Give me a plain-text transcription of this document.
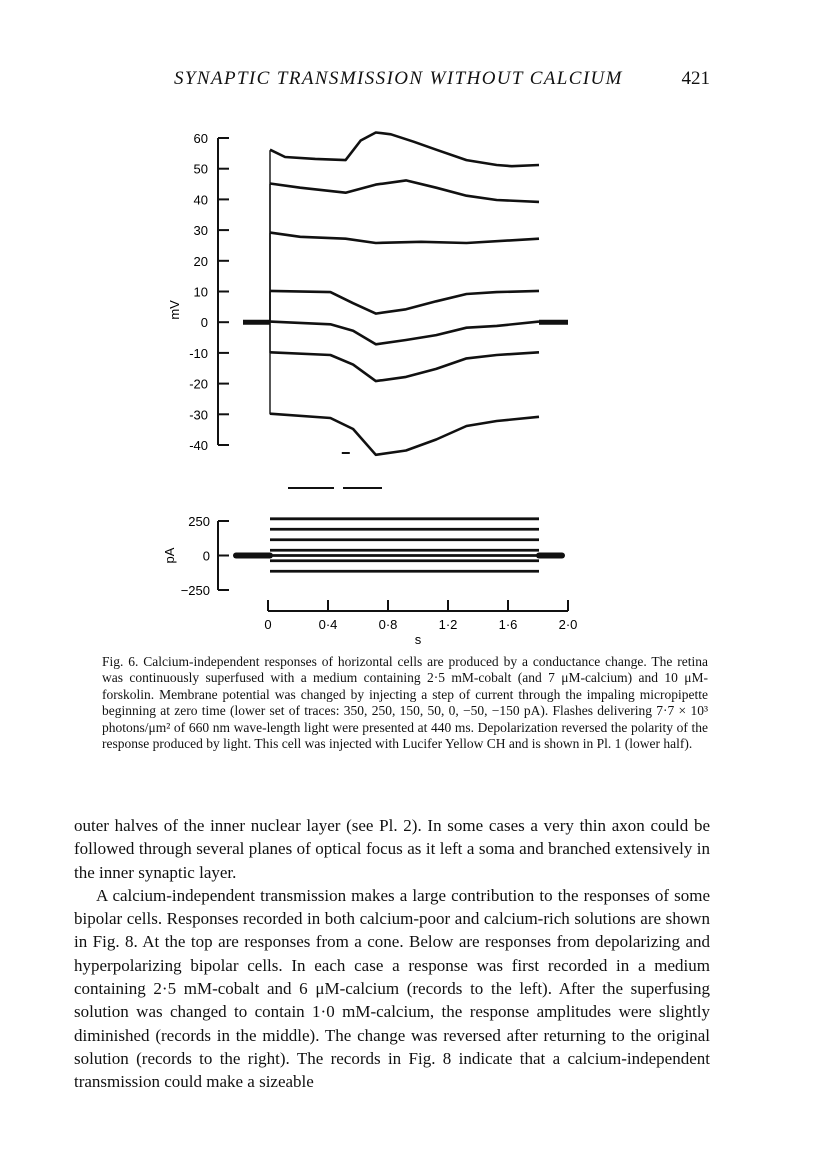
SYNAPTIC TRANSMISSION WITHOUT CALCIUM	421
60
50
40
30
20
10
0
-10
-20
-30
-40
mV
250
0
−250
pA
0	0·4	0·8	1·2	1·6	2·0
s
Fig. 6. Calcium-independent responses of horizontal cells are produced by a conductance change. The retina was continuously superfused with a medium containing 2·5 mM-cobalt (and 7 μM-calcium) and 10 μM-forskolin. Membrane potential was changed by injecting a step of current through the impaling micropipette beginning at zero time (lower set of traces: 350, 250, 150, 50, 0, −50, −150 pA). Flashes delivering 7·7 × 10³ photons/μm² of 660 nm wave-length light were presented at 440 ms. Depolarization reversed the polarity of the response produced by light. This cell was injected with Lucifer Yellow CH and is shown in Pl. 1 (lower half).

outer halves of the inner nuclear layer (see Pl. 2). In some cases a very thin axon could be followed through several planes of optical focus as it left a soma and branched extensively in the inner synaptic layer.

A calcium-independent transmission makes a large contribution to the responses of some bipolar cells. Responses recorded in both calcium-poor and calcium-rich solutions are shown in Fig. 8. At the top are responses from a cone. Below are responses from depolarizing and hyperpolarizing bipolar cells. In each case a response was first recorded in a medium containing 2·5 mM-cobalt and 6 μM-calcium (records to the left). After the superfusing solution was changed to contain 1·0 mM-calcium, the response amplitudes were slightly diminished (records in the middle). The change was reversed after returning to the original solution (records to the right). The records in Fig. 8 indicate that a calcium-independent transmission could make a sizeable
